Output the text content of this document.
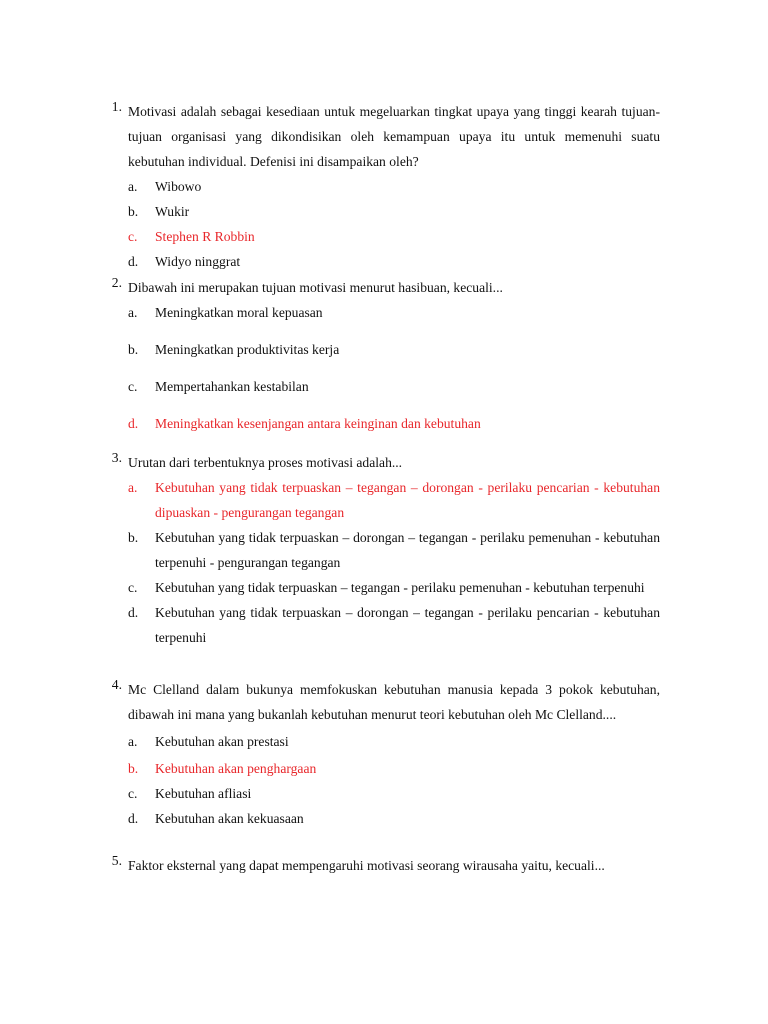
1. Motivasi adalah sebagai kesediaan untuk megeluarkan tingkat upaya yang tinggi kearah tujuan-tujuan organisasi yang dikondisikan oleh kemampuan upaya itu untuk memenuhi suatu kebutuhan individual. Defenisi ini disampaikan oleh?
a. Wibowo
b. Wukir
c. Stephen R Robbin
d. Widyo ninggrat
2. Dibawah ini merupakan tujuan motivasi menurut hasibuan, kecuali...
a. Meningkatkan moral kepuasan
b. Meningkatkan produktivitas kerja
c. Mempertahankan kestabilan
d. Meningkatkan kesenjangan antara keinginan dan kebutuhan
3. Urutan dari terbentuknya proses motivasi adalah...
a. Kebutuhan yang tidak terpuaskan – tegangan – dorongan - perilaku pencarian - kebutuhan dipuaskan - pengurangan tegangan
b. Kebutuhan yang tidak terpuaskan – dorongan – tegangan - perilaku pemenuhan - kebutuhan terpenuhi - pengurangan tegangan
c. Kebutuhan yang tidak terpuaskan – tegangan - perilaku pemenuhan - kebutuhan terpenuhi
d. Kebutuhan yang tidak terpuaskan – dorongan – tegangan - perilaku pencarian - kebutuhan terpenuhi
4. Mc Clelland dalam bukunya memfokuskan kebutuhan manusia kepada 3 pokok kebutuhan, dibawah ini mana yang bukanlah kebutuhan menurut teori kebutuhan oleh Mc Clelland....
a. Kebutuhan akan prestasi
b. Kebutuhan akan penghargaan
c. Kebutuhan afliasi
d. Kebutuhan akan kekuasaan
5. Faktor eksternal yang dapat mempengaruhi motivasi seorang wirausaha yaitu, kecuali...
